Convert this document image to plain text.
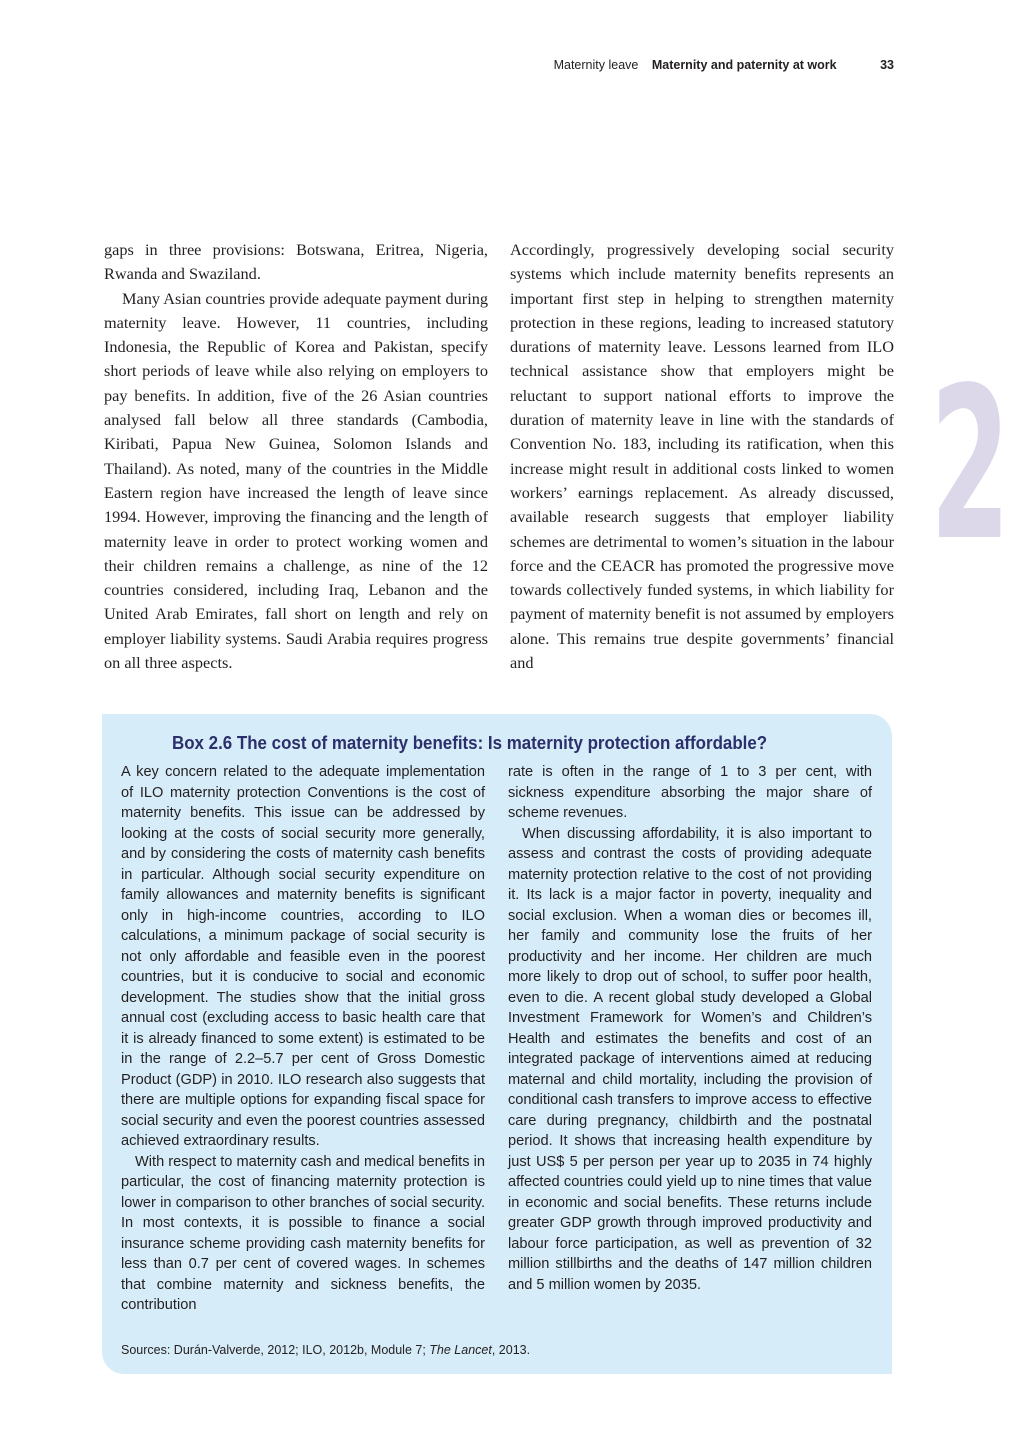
Maternity leave Maternity and paternity at work	33

gaps in three provisions: Botswana, Eritrea, Nigeria, Rwanda and Swaziland.

Many Asian countries provide adequate payment during maternity leave. However, 11 countries, including Indonesia, the Republic of Korea and Pakistan, specify short periods of leave while also relying on employers to pay benefits. In addition, five of the 26 Asian countries analysed fall below all three standards (Cambodia, Kiribati, Papua New Guinea, Solomon Islands and Thailand). As noted, many of the countries in the Middle Eastern region have increased the length of leave since 1994. However, improving the financing and the length of maternity leave in order to protect working women and their children remains a challenge, as nine of the 12 countries considered, including Iraq, Lebanon and the United Arab Emirates, fall short on length and rely on employer liability systems. Saudi Arabia requires progress on all three aspects.

Accordingly, progressively developing social security systems which include maternity benefits represents an important first step in helping to strengthen maternity protection in these regions, leading to increased statutory durations of maternity leave. Lessons learned from ILO technical assistance show that employers might be reluctant to support national efforts to improve the duration of maternity leave in line with the standards of Convention No. 183, including its ratification, when this increase might result in additional costs linked to women workers’ earnings replacement. As already discussed, available research suggests that employer liability schemes are detrimental to women’s situation in the labour force and the CEACR has promoted the progressive move towards collectively funded systems, in which liability for payment of maternity benefit is not assumed by employers alone. This remains true despite governments’ financial and

2
Box 2.6 The cost of maternity benefits: Is maternity protection affordable?

A key concern related to the adequate implementation of ILO maternity protection Conventions is the cost of maternity benefits. This issue can be addressed by looking at the costs of social security more generally, and by considering the costs of maternity cash benefits in particular. Although social security expenditure on family allowances and maternity benefits is significant only in high-income countries, according to ILO calculations, a minimum package of social security is not only affordable and feasible even in the poorest countries, but it is conducive to social and economic development. The studies show that the initial gross annual cost (excluding access to basic health care that it is already financed to some extent) is estimated to be in the range of 2.2–5.7 per cent of Gross Domestic Product (GDP) in 2010. ILO research also suggests that there are multiple options for expanding fiscal space for social security and even the poorest countries assessed achieved extraordinary results.

With respect to maternity cash and medical benefits in particular, the cost of financing maternity protection is lower in comparison to other branches of social security. In most contexts, it is possible to finance a social insurance scheme providing cash maternity benefits for less than 0.7 per cent of covered wages. In schemes that combine maternity and sickness benefits, the contribution

rate is often in the range of 1 to 3 per cent, with sickness expenditure absorbing the major share of scheme revenues.

When discussing affordability, it is also important to assess and contrast the costs of providing adequate maternity protection relative to the cost of not providing it. Its lack is a major factor in poverty, inequality and social exclusion. When a woman dies or becomes ill, her family and community lose the fruits of her productivity and her income. Her children are much more likely to drop out of school, to suffer poor health, even to die. A recent global study developed a Global Investment Framework for Women’s and Children’s Health and estimates the benefits and cost of an integrated package of interventions aimed at reducing maternal and child mortality, including the provision of conditional cash transfers to improve access to effective care during pregnancy, childbirth and the postnatal period. It shows that increasing health expenditure by just US$ 5 per person per year up to 2035 in 74 highly affected countries could yield up to nine times that value in economic and social benefits. These returns include greater GDP growth through improved productivity and labour force participation, as well as prevention of 32 million stillbirths and the deaths of 147 million children and 5 million women by 2035.

Sources: Durán-Valverde, 2012; ILO, 2012b, Module 7; The Lancet, 2013.
